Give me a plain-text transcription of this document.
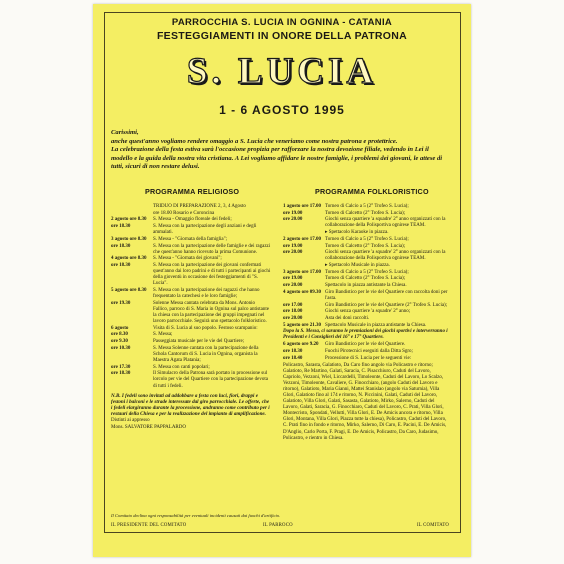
PARROCCHIA S. LUCIA IN OGNINA - CATANIA
FESTEGGIAMENTI IN ONORE DELLA PATRONA
S. LUCIA
1 - 6 AGOSTO 1995
Carissimi,
anche quest'anno vogliamo rendere omaggio a S. Lucia che veneriamo come nostra patrona e protettrice.
La celebrazione della festa estiva sarà l'occasione propizia per rafforzare la nostra devozione filiale, vedendo in Lei il modello e la guida della nostra vita cristiana. A Lei vogliamo affidare le nostre famiglie, i problemi dei giovani, le attese di tutti, sicuri di non restare delusi.
PROGRAMMA RELIGIOSO	PROGRAMMA FOLKLORISTICO
TRIDUO DI PREPARAZIONE 2, 3, 4 Agosto
ore 18.00 Rosario e Coroncina
2 agosto ore 8.30	S. Messa - Omaggio floreale dei fedeli;
ore 18.30	S. Messa con la partecipazione degli anziani e degli ammalati.
3 agosto ore 8.30	S. Messa - "Giornata della famiglia";
ore 18.30	S. Messa con la partecipazione delle famiglie e dei ragazzi che quest'anno hanno ricevuto la prima Comunione.
4 agosto ore 8.30	S. Messa - "Giornata dei giovani";
ore 18.30	S. Messa con la partecipazione dei giovani confermati quest'anno dai loro padrini e di tutti i partecipanti ai giochi della gioventù in occasione dei festeggiamenti di "S. Lucia".
5 agosto ore 8.30	S. Messa con la partecipazione dei ragazzi che hanno frequentato la catechesi e le loro famiglie;
ore 19.30	Solenne Messa cantata celebrata da Mons. Antonio Fallico, parroco di S. Maria in Ognina sul palco antistante la chiesa con la partecipazione dei gruppi impegnati nel lavoro parrocchiale. Seguirà uno spettacolo folkloristico.
6 agosto	Visita di S. Lucia al suo popolo. Festoso scampanio:
ore 8.30	S. Messa;
ore 9.30	Passeggiata musicale per le vie del Quartiere;
ore 10.30	S. Messa Solenne cantata con la partecipazione della Schola Cantorum di S. Lucia in Ognina, organista la Maestra Agata Platania;
ore 17.30	S. Messa con canti popolari;
ore 18.30	Il Simulacro della Patrona sarà portato in processione sul lorcolo per vie del Quartiere con la partecipazione devota di tutti i fedeli.
N.B. I fedeli sono invitati ad addobbare a festa con luci, fiori, drappi e festoni i balconi e le strade interessate dal giro parrocchiale. Le offerte, che i fedeli elargiranno durante la processione, andranno come contributo per i restauri della Chiesa e per la realizzazione del impianto di amplificazione.
Distinti ai appresso
Mons. SALVATORE PAPPALARDO
1 agosto ore 17.00 Torneo di Calcio a 5 (2° Trofeo S. Lucia);
ore 19.00	Torneo di Calcetto (2° Trofeo S. Lucia);
ore 20.00	Giochi senza quartiere 'a squadre' 2° anno organizzati con la collaborazione della Polisportiva ognirese TEAM.
▸ Spettacolo Karaoke in piazza.
2 agosto ore 17.00 Torneo di Calcio a 5 (2° Trofeo S. Lucia);
ore 19.00	Torneo di Calcetto (2° Trofeo S. Lucia);
ore 20.00	Giochi senza quartiere 'a squadre' 2° anno organizzati con la collaborazione della Polisportiva ognirese TEAM.
▸ Spettacolo Musicale in piazza.
3 agosto ore 17.00 Torneo di Calcio a 5 (2° Trofeo S. Lucia);
ore 19.00	Torneo di Calcetto (2° Trofeo S. Lucia);
ore 20.00	Spettacolo in piazza antistante la Chiesa.
4 agosto ore 09.30 Giro Bandistico per le vie del Quartiere con raccolta doni per l'asta.
ore 17.00	Giro Bandistico per le vie del Quartiere (2° Trofeo S. Lucia);
ore 18.00	Giochi senza quartiere 'a squadre' 2° anno;
ore 20.00	Asta dei doni raccolti.
5 agosto ore 21.30 Spettacolo Musicale in piazza antistante la Chiesa.
Dopo la S. Messa, ci saranno le premiazioni dei giochi sportivi e interverranno i Presidenti e i Consiglieri del 16° e 17° Quartiere.
6 agosto ore 9.20	Giro Bandistico per le vie del Quartiere.
ore 18.30	Fuochi Pirotecnici eseguiti dalla Ditta Sgro;
ore 18.40	Processione di S. Lucia per le seguenti vie:
Policastro, Sarasta, Galatioto, Da Caro fino angolo via Policastro e ritorno; Galatioto, Re Martino, Galati, Saracia, C. Pisacchiuro, Caduti del Lavoro, Capriolo, Vezzoni, Wiel, Liccardelli, Timoleonte, Caduti del Lavoro, Lo Scalzo, Vezzoni, Timoleonte, Cavaliere, G. Finocchiaro, (angolo Caduti del Lavoro e ritorno), Galatioto, Maria Gianni, Mattei Stanislao (angolo via Saturnia), Villa Glori, Galatioto fino al 174 e ritorno, N. Piccinini, Galati, Caduti del Lavoro, Galatioto, Villa Glori, Galati, Sasasta, Galatioto, Mirko, Salerno, Caduti del Lavoro, Galati, Saracia, G. Finocchiaro, Caduti del Lavoro, C. Prati, Villa Glori, Montecristo, Spondati, Vellutti, Villa Glori, E. De Amicis ancora e ritorno, Villa Glori, Montana, Villa Glori, Piazza tutte la chiesa), Policastro, Caduti del Lavoro, C. Prati fino in fondo e ritorno, Mirko, Salerno, Di Caro, E. Pacini, E. De Amicis, D'Anglio, Carlo Porta, F. Pragi, E. De Amicis, Policastro, Da Caro, Judasimo, Policastro, e rientro in Chiesa.
Il Comitato declina ogni responsabilità per eventuali incidenti causati dai fuochi d'artificio.
IL PRESIDENTE DEL COMITATO	IL PARROCO	IL COMITATO
